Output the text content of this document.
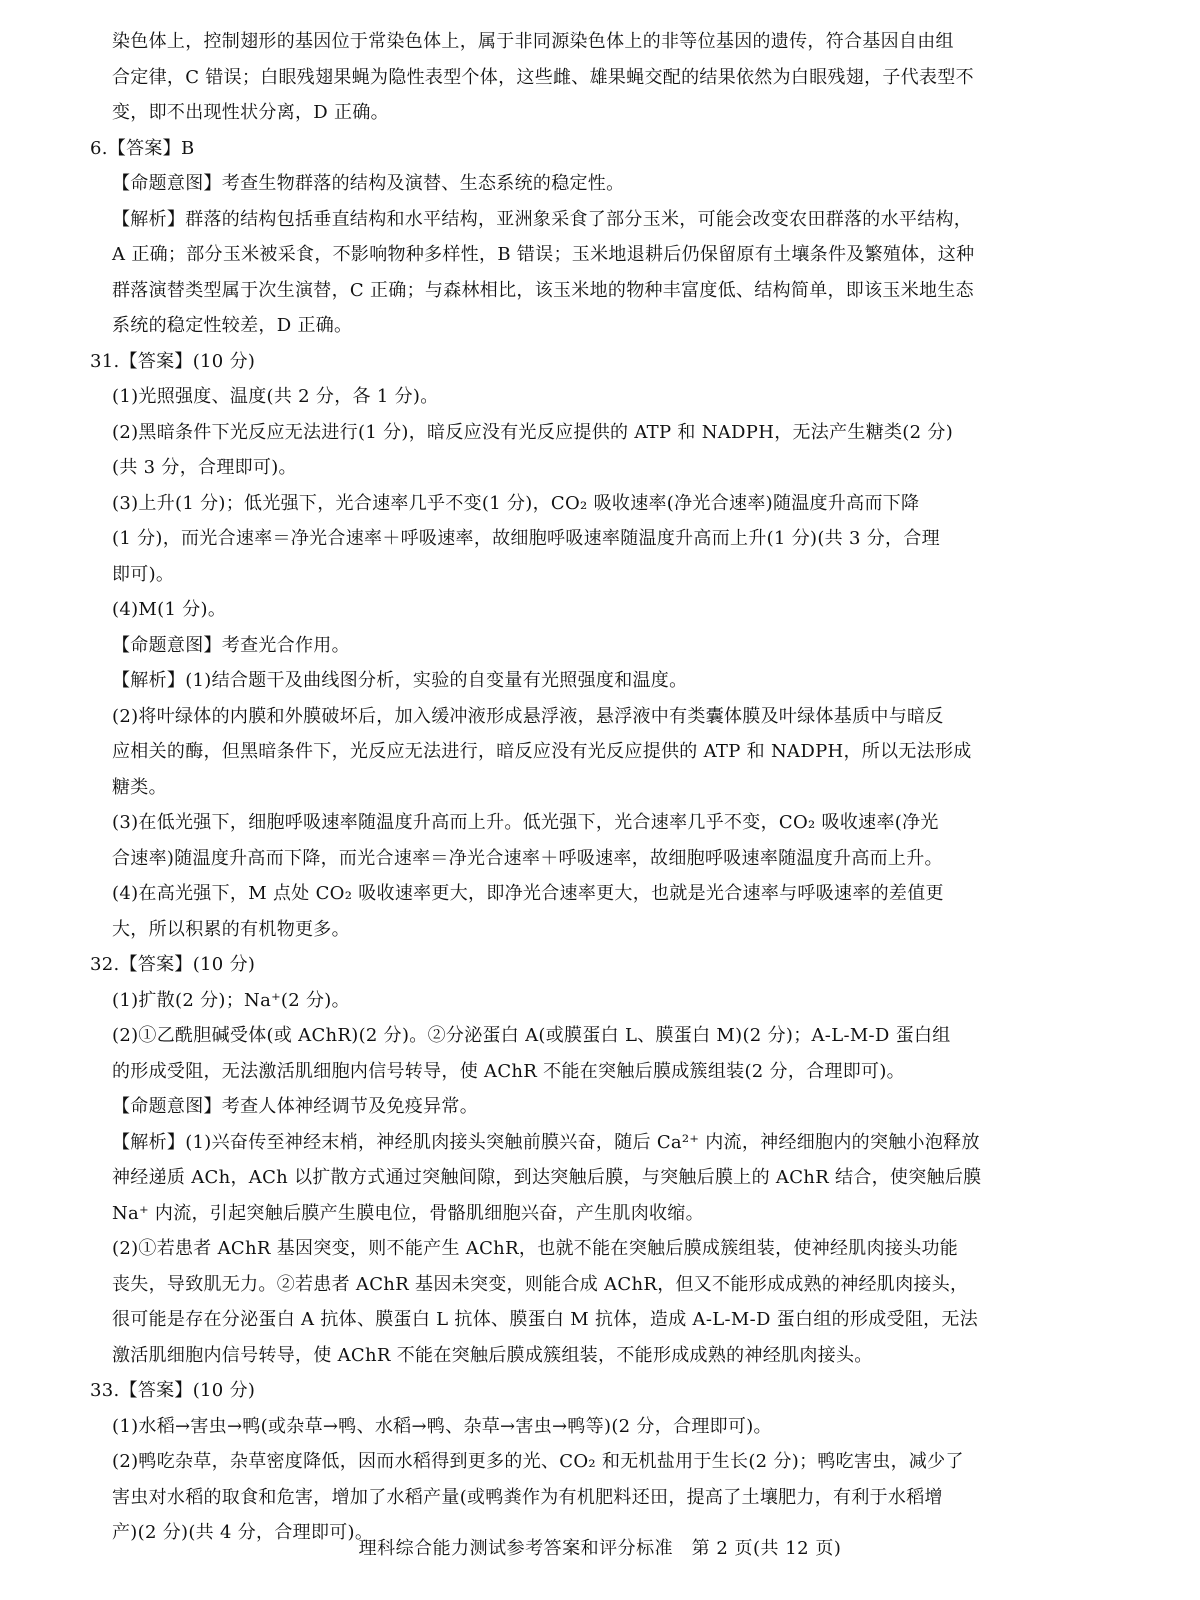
染色体上，控制翅形的基因位于常染色体上，属于非同源染色体上的非等位基因的遗传，符合基因自由组
合定律，C 错误；白眼残翅果蝇为隐性表型个体，这些雌、雄果蝇交配的结果依然为白眼残翅，子代表型不
变，即不出现性状分离，D 正确。
6.【答案】B
【命题意图】考查生物群落的结构及演替、生态系统的稳定性。
【解析】群落的结构包括垂直结构和水平结构，亚洲象采食了部分玉米，可能会改变农田群落的水平结构，
A 正确；部分玉米被采食，不影响物种多样性，B 错误；玉米地退耕后仍保留原有土壤条件及繁殖体，这种
群落演替类型属于次生演替，C 正确；与森林相比，该玉米地的物种丰富度低、结构简单，即该玉米地生态
系统的稳定性较差，D 正确。
31.【答案】(10 分)
(1)光照强度、温度(共 2 分，各 1 分)。
(2)黑暗条件下光反应无法进行(1 分)，暗反应没有光反应提供的 ATP 和 NADPH，无法产生糖类(2 分)
(共 3 分，合理即可)。
(3)上升(1 分)；低光强下，光合速率几乎不变(1 分)，CO₂ 吸收速率(净光合速率)随温度升高而下降
(1 分)，而光合速率＝净光合速率＋呼吸速率，故细胞呼吸速率随温度升高而上升(1 分)(共 3 分，合理
即可)。
(4)M(1 分)。
【命题意图】考查光合作用。
【解析】(1)结合题干及曲线图分析，实验的自变量有光照强度和温度。
(2)将叶绿体的内膜和外膜破坏后，加入缓冲液形成悬浮液，悬浮液中有类囊体膜及叶绿体基质中与暗反
应相关的酶，但黑暗条件下，光反应无法进行，暗反应没有光反应提供的 ATP 和 NADPH，所以无法形成
糖类。
(3)在低光强下，细胞呼吸速率随温度升高而上升。低光强下，光合速率几乎不变，CO₂ 吸收速率(净光
合速率)随温度升高而下降，而光合速率＝净光合速率＋呼吸速率，故细胞呼吸速率随温度升高而上升。
(4)在高光强下，M 点处 CO₂ 吸收速率更大，即净光合速率更大，也就是光合速率与呼吸速率的差值更
大，所以积累的有机物更多。
32.【答案】(10 分)
(1)扩散(2 分)；Na⁺(2 分)。
(2)①乙酰胆碱受体(或 AChR)(2 分)。②分泌蛋白 A(或膜蛋白 L、膜蛋白 M)(2 分)；A-L-M-D 蛋白组
的形成受阻，无法激活肌细胞内信号转导，使 AChR 不能在突触后膜成簇组装(2 分，合理即可)。
【命题意图】考查人体神经调节及免疫异常。
【解析】(1)兴奋传至神经末梢，神经肌肉接头突触前膜兴奋，随后 Ca²⁺ 内流，神经细胞内的突触小泡释放
神经递质 ACh，ACh 以扩散方式通过突触间隙，到达突触后膜，与突触后膜上的 AChR 结合，使突触后膜
Na⁺ 内流，引起突触后膜产生膜电位，骨骼肌细胞兴奋，产生肌肉收缩。
(2)①若患者 AChR 基因突变，则不能产生 AChR，也就不能在突触后膜成簇组装，使神经肌肉接头功能
丧失，导致肌无力。②若患者 AChR 基因未突变，则能合成 AChR，但又不能形成成熟的神经肌肉接头，
很可能是存在分泌蛋白 A 抗体、膜蛋白 L 抗体、膜蛋白 M 抗体，造成 A-L-M-D 蛋白组的形成受阻，无法
激活肌细胞内信号转导，使 AChR 不能在突触后膜成簇组装，不能形成成熟的神经肌肉接头。
33.【答案】(10 分)
(1)水稻→害虫→鸭(或杂草→鸭、水稻→鸭、杂草→害虫→鸭等)(2 分，合理即可)。
(2)鸭吃杂草，杂草密度降低，因而水稻得到更多的光、CO₂ 和无机盐用于生长(2 分)；鸭吃害虫，减少了
害虫对水稻的取食和危害，增加了水稻产量(或鸭粪作为有机肥料还田，提高了土壤肥力，有利于水稻增
产)(2 分)(共 4 分，合理即可)。
理科综合能力测试参考答案和评分标准　第 2 页(共 12 页)
